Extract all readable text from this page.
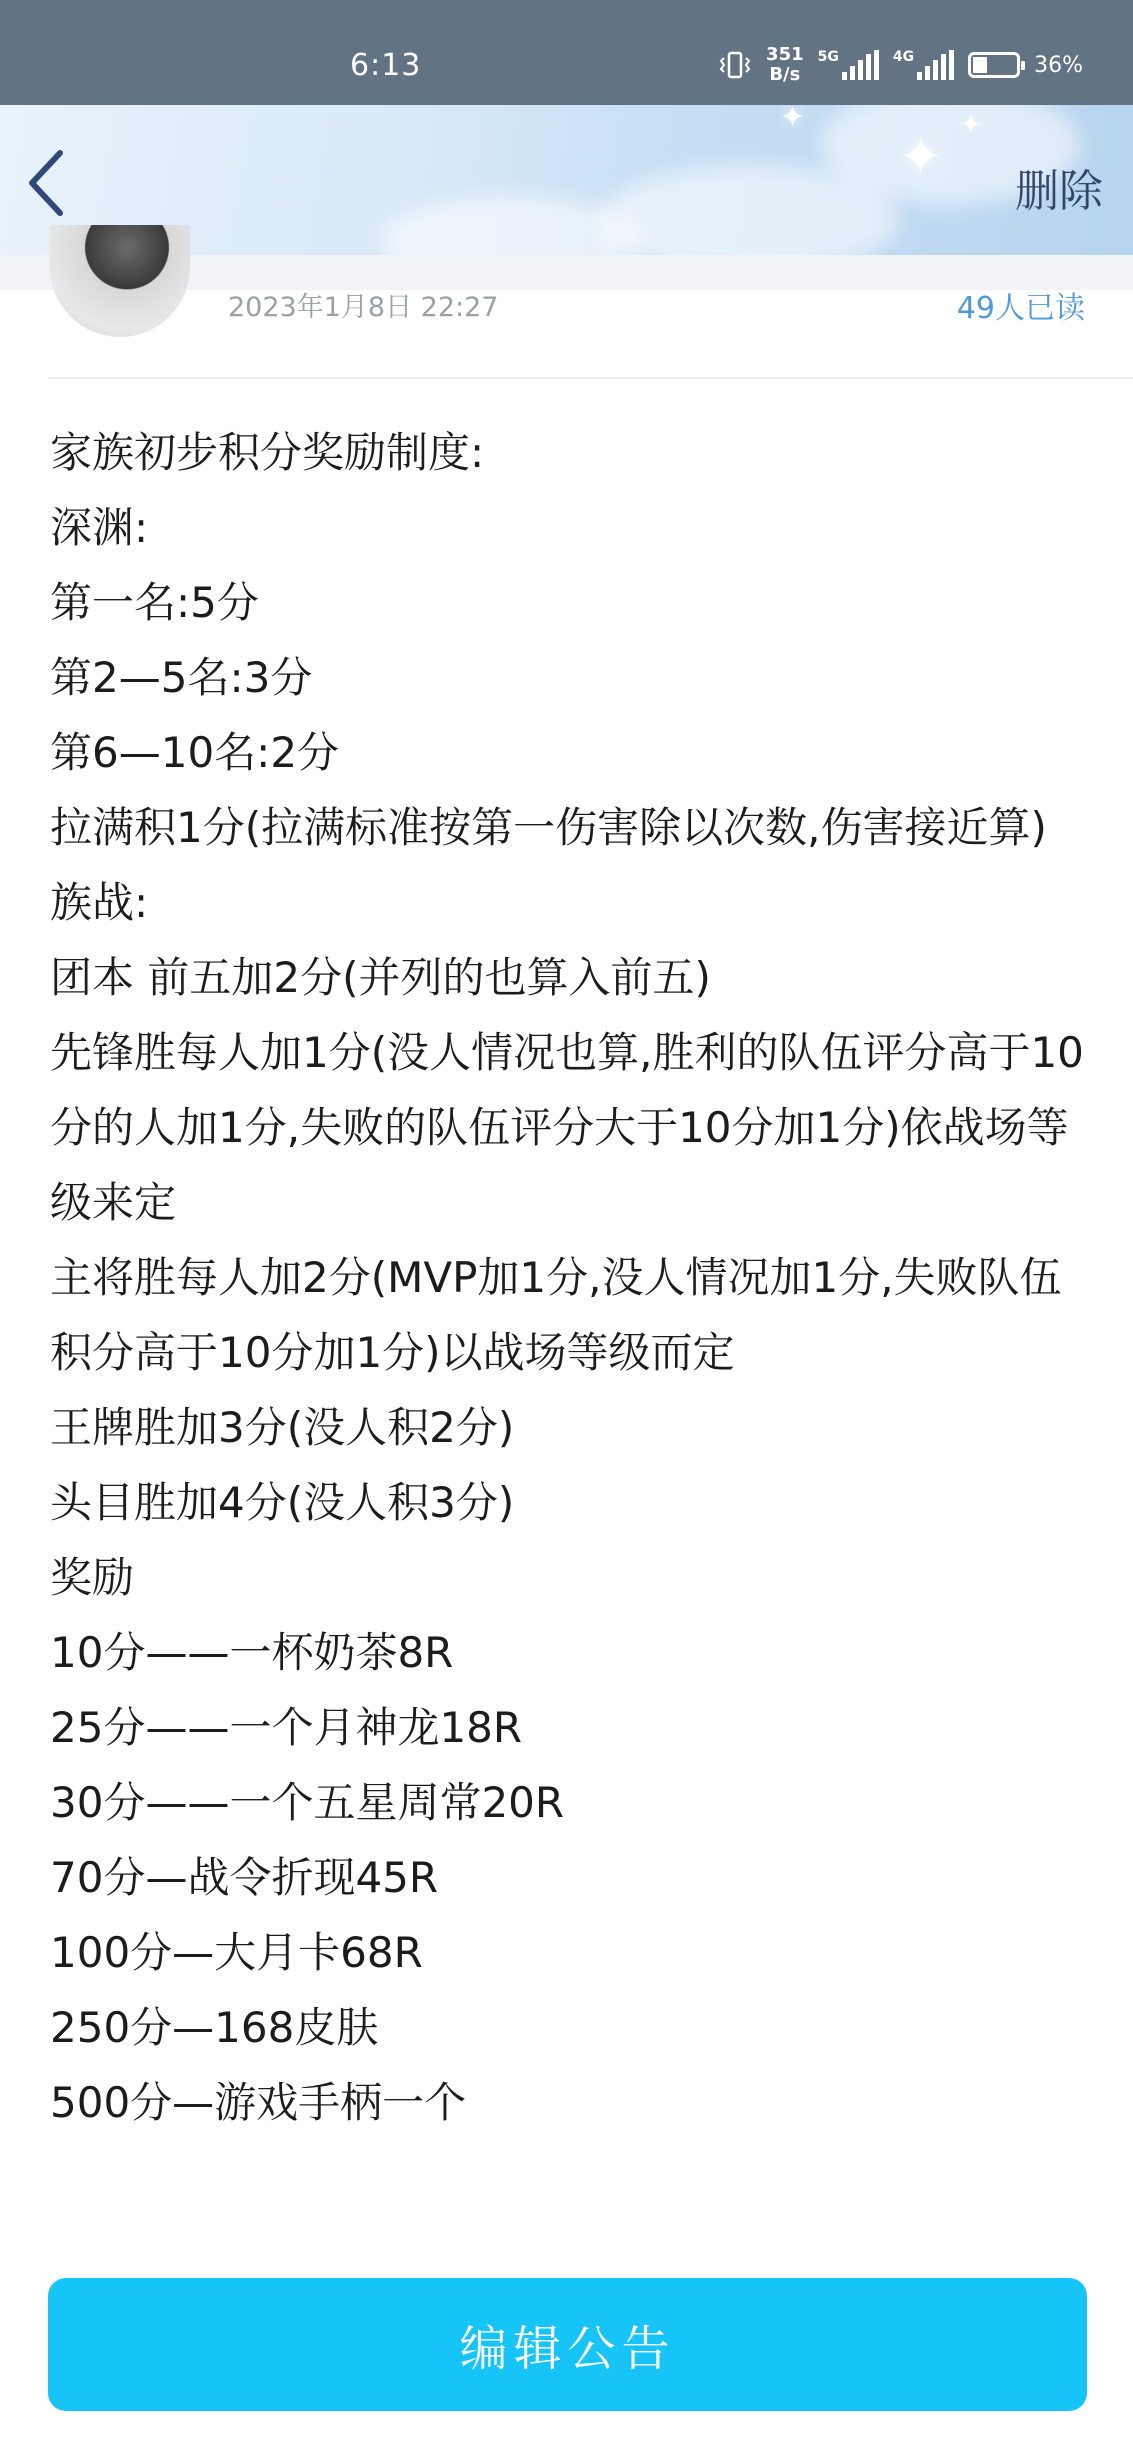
6:13	351
B/s
5G	4G	⚡ 36%
✦
✦	✦
删除
2023年1月8日 22:27	49人已读
家族初步积分奖励制度:
深渊:
第一名:5分
第2—5名:3分
第6—10名:2分
拉满积1分(拉满标准按第一伤害除以次数,伤害接近算)
族战:
团本 前五加2分(并列的也算入前五)
先锋胜每人加1分(没人情况也算,胜利的队伍评分高于10分的人加1分,失败的队伍评分大于10分加1分)依战场等级来定
主将胜每人加2分(MVP加1分,没人情况加1分,失败队伍积分高于10分加1分)以战场等级而定
王牌胜加3分(没人积2分)
头目胜加4分(没人积3分)
奖励
10分——一杯奶茶8R
25分——一个月神龙18R
30分——一个五星周常20R
70分—战令折现45R
100分—大月卡68R
250分—168皮肤
500分—游戏手柄一个
编辑公告
